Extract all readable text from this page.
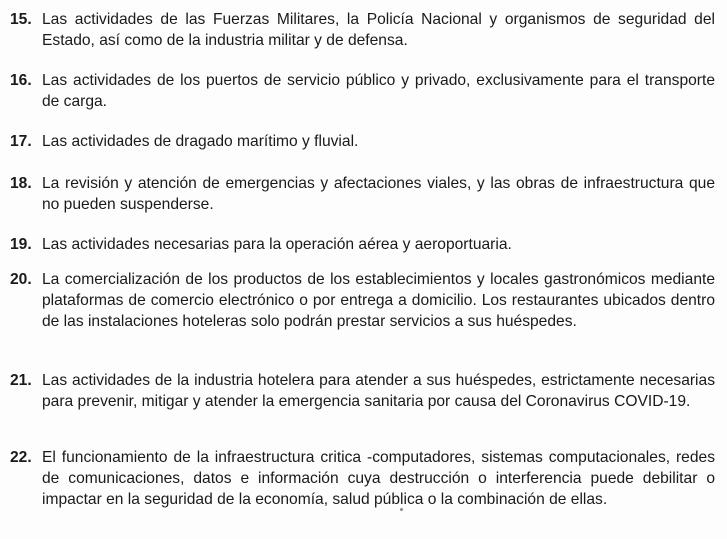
15. Las actividades de las Fuerzas Militares, la Policía Nacional y organismos de seguridad del Estado, así como de la industria militar y de defensa.
16. Las actividades de los puertos de servicio público y privado, exclusivamente para el transporte de carga.
17. Las actividades de dragado marítimo y fluvial.
18. La revisión y atención de emergencias y afectaciones viales, y las obras de infraestructura que no pueden suspenderse.
19. Las actividades necesarias para la operación aérea y aeroportuaria.
20. La comercialización de los productos de los establecimientos y locales gastronómicos mediante plataformas de comercio electrónico o por entrega a domicilio. Los restaurantes ubicados dentro de las instalaciones hoteleras solo podrán prestar servicios a sus huéspedes.
21. Las actividades de la industria hotelera para atender a sus huéspedes, estrictamente necesarias para prevenir, mitigar y atender la emergencia sanitaria por causa del Coronavirus COVID-19.
22. El funcionamiento de la infraestructura critica -computadores, sistemas computacionales, redes de comunicaciones, datos e información cuya destrucción o interferencia puede debilitar o impactar en la seguridad de la economía, salud pública o la combinación de ellas.
